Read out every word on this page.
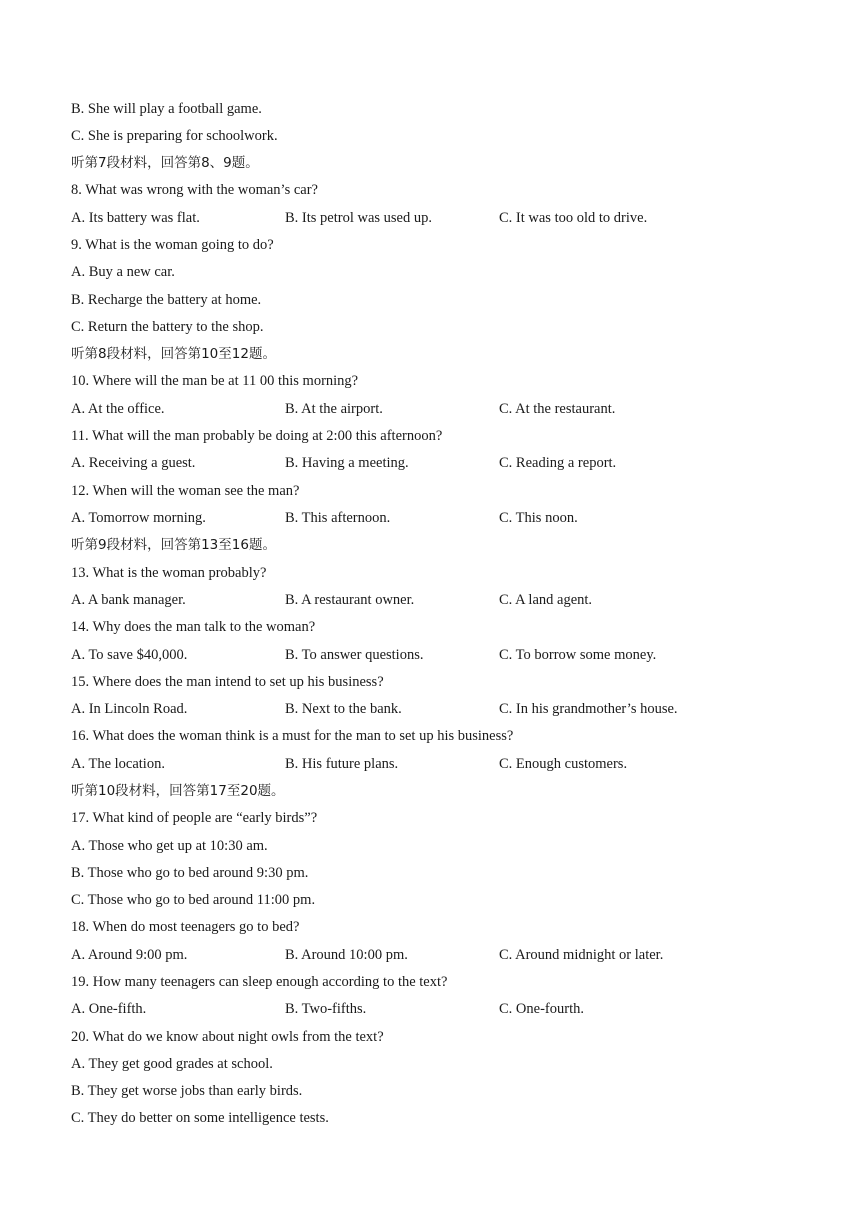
B. She will play a football game.
C. She is preparing for schoolwork.
听第7段材料，回答第8、9题。
8. What was wrong with the woman’s car?
A. Its battery was flat.	B. Its petrol was used up.	C. It was too old to drive.
9. What is the woman going to do?
A. Buy a new car.
B. Recharge the battery at home.
C. Return the battery to the shop.
听第8段材料，回答第10至12题。
10. Where will the man be at 11 00 this morning?
A. At the office.	B. At the airport.	C. At the restaurant.
11. What will the man probably be doing at 2:00 this afternoon?
A. Receiving a guest.	B. Having a meeting.	C. Reading a report.
12. When will the woman see the man?
A. Tomorrow morning.	B. This afternoon.	C. This noon.
听第9段材料，回答第13至16题。
13. What is the woman probably?
A. A bank manager.	B. A restaurant owner.	C. A land agent.
14. Why does the man talk to the woman?
A. To save $40,000.	B. To answer questions.	C. To borrow some money.
15. Where does the man intend to set up his business?
A. In Lincoln Road.	B. Next to the bank.	C. In his grandmother’s house.
16. What does the woman think is a must for the man to set up his business?
A. The location.	B. His future plans.	C. Enough customers.
听第10段材料，回答第17至20题。
17. What kind of people are “early birds”?
A. Those who get up at 10:30 am.
B. Those who go to bed around 9:30 pm.
C. Those who go to bed around 11:00 pm.
18. When do most teenagers go to bed?
A. Around 9:00 pm.	B. Around 10:00 pm.	C. Around midnight or later.
19. How many teenagers can sleep enough according to the text?
A. One-fifth.	B. Two-fifths.	C. One-fourth.
20. What do we know about night owls from the text?
A. They get good grades at school.
B. They get worse jobs than early birds.
C. They do better on some intelligence tests.
